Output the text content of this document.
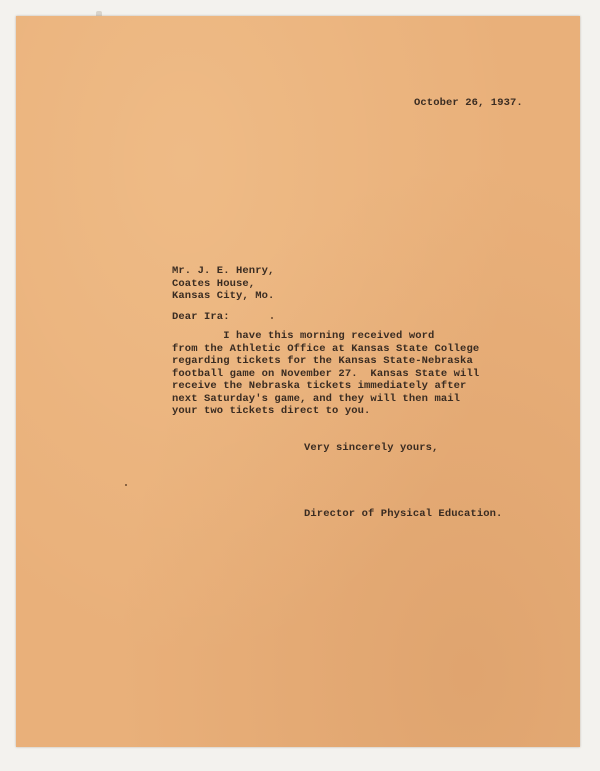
October 26, 1937.
Mr. J. E. Henry,
Coates House,
Kansas City, Mo.
Dear Ira:
I have this morning received word
from the Athletic Office at Kansas State College
regarding tickets for the Kansas State-Nebraska
football game on November 27.  Kansas State will
receive the Nebraska tickets immediately after
next Saturday's game, and they will then mail
your two tickets direct to you.
Very sincerely yours,
Director of Physical Education.
